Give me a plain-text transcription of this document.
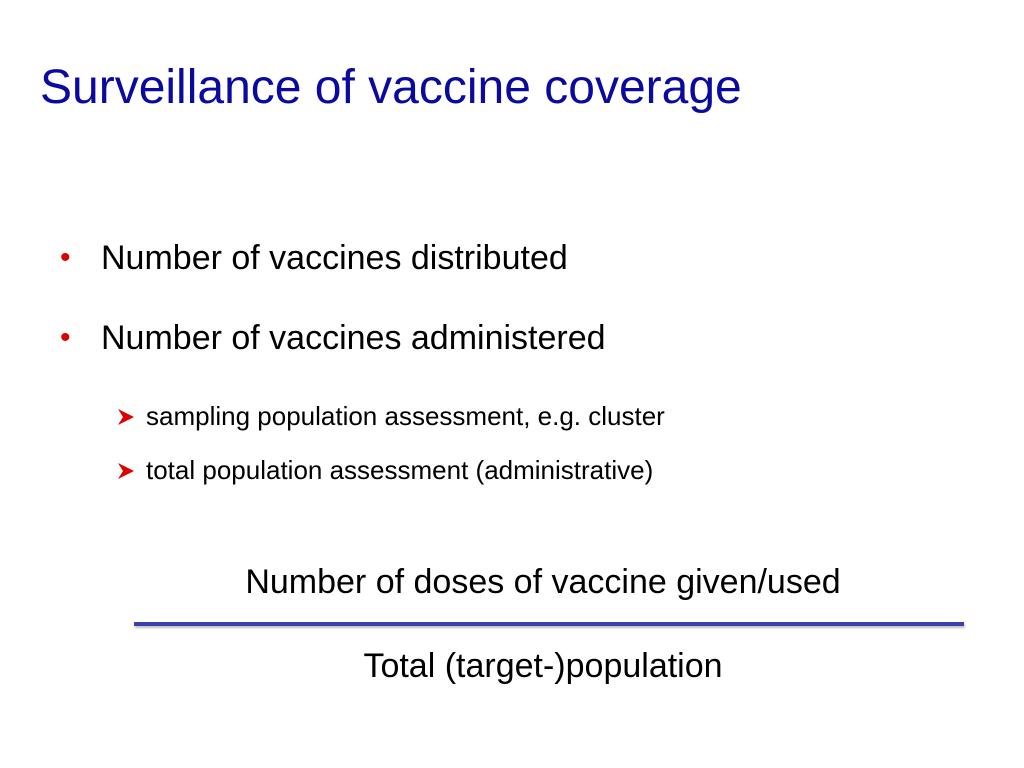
Surveillance of vaccine coverage
• Number of vaccines distributed
• Number of vaccines administered
sampling population assessment, e.g. cluster
total population assessment (administrative)
Number of doses of vaccine given/used
Total (target-)population
